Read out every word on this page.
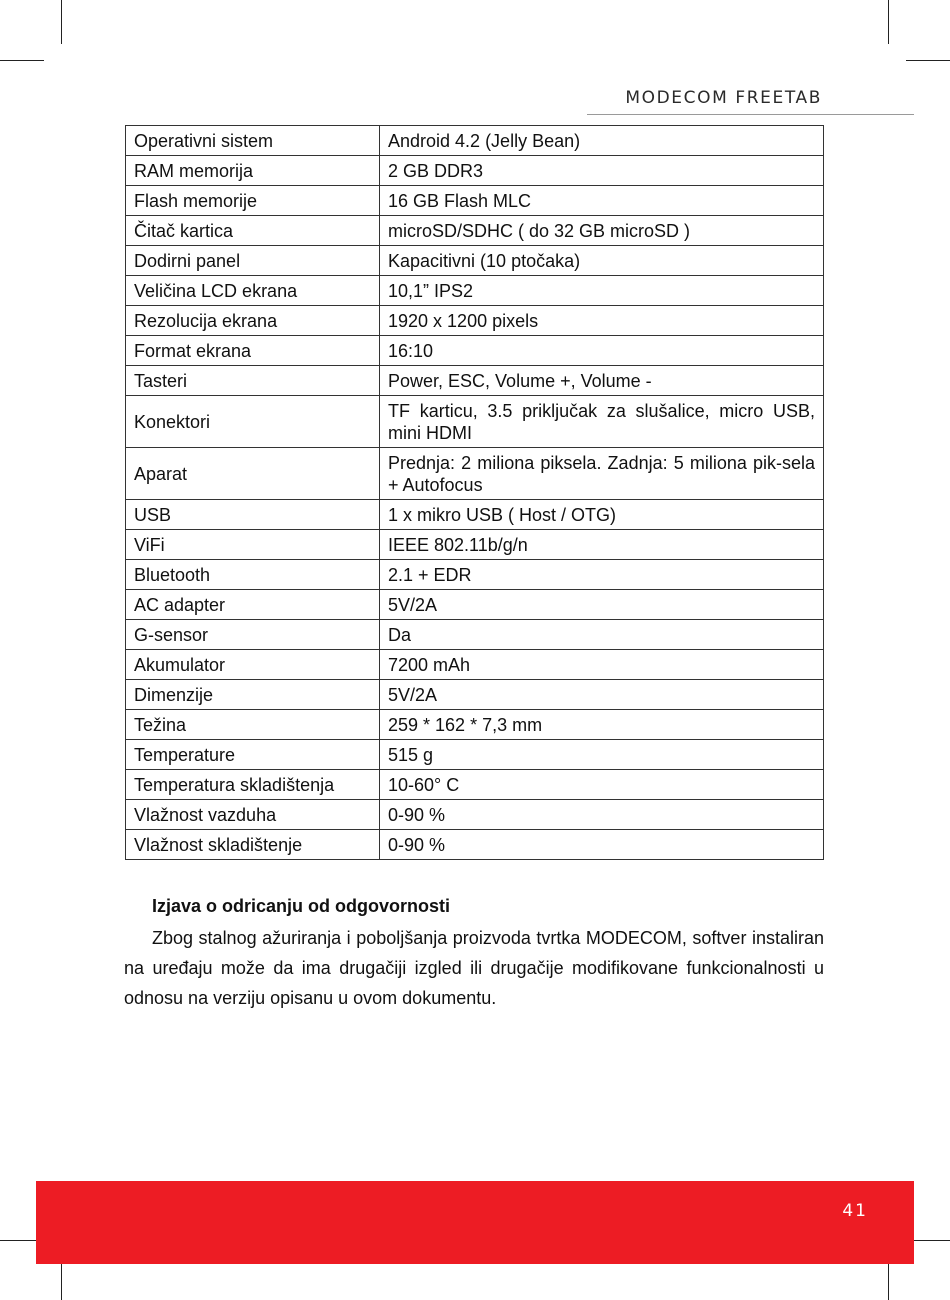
MODECOM FREETAB
Operativni sistem	Android 4.2 (Jelly Bean)
RAM memorija	2 GB DDR3
Flash memorije	16 GB Flash MLC
Čitač kartica	microSD/SDHC ( do 32 GB microSD )
Dodirni panel	Kapacitivni (10 ptočaka)
Veličina LCD ekrana	10,1” IPS2
Rezolucija ekrana	1920 x 1200 pixels
Format ekrana	16:10
Tasteri	Power, ESC, Volume +, Volume -
Konektori	TF karticu, 3.5 priključak za slušalice, micro USB, mini HDMI
Aparat	Prednja: 2 miliona piksela. Zadnja: 5 miliona pik-sela + Autofocus
USB	1 x mikro USB ( Host / OTG)
ViFi	IEEE 802.11b/g/n
Bluetooth	2.1 + EDR
AC adapter	5V/2A
G-sensor	Da
Akumulator	7200 mAh
Dimenzije	5V/2A
Težina	259 * 162 * 7,3 mm
Temperature	515 g
Temperatura skladištenja	10-60° C
Vlažnost vazduha	0-90 %
Vlažnost skladištenje	0-90 %
Izjava o odricanju od odgovornosti

Zbog stalnog ažuriranja i poboljšanja proizvoda tvrtka MODECOM, softver instaliran na uređaju može da ima drugačiji izgled ili drugačije modifikovane funkcionalnosti u odnosu na verziju opisanu u ovom dokumentu.

41
